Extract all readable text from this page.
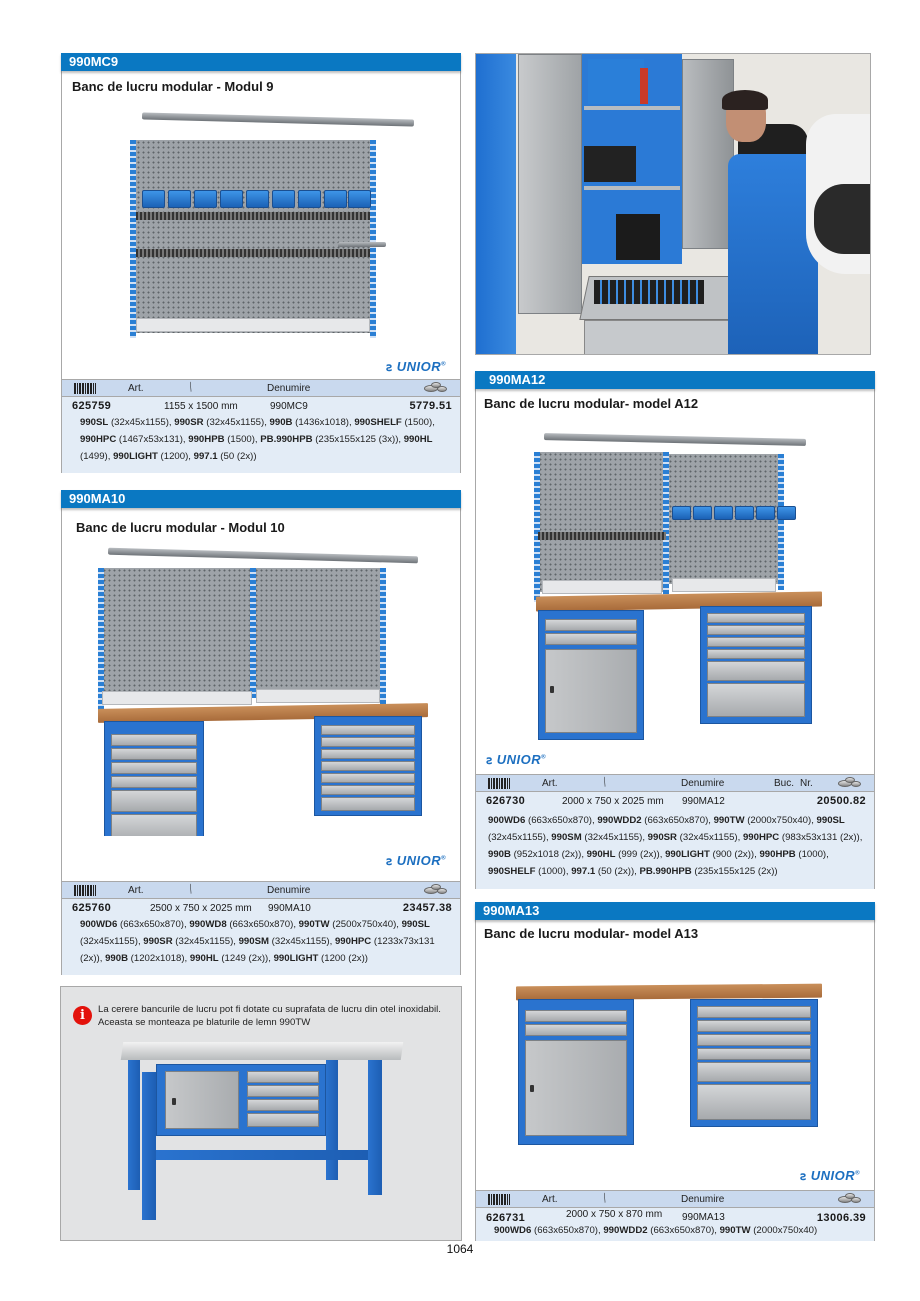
990MC9
Banc de lucru modular - Modul 9
ꙅ UNIOR®
Art.	⟋	Denumire
625759	1155 x 1500 mm	990MC9	5779.51
990SL (32x45x1155), 990SR (32x45x1155), 990B (1436x1018), 990SHELF (1500), 990HPC (1467x53x131), 990HPB (1500), PB.990HPB (235x155x125 (3x)), 990HL (1499), 990LIGHT (1200), 997.1 (50 (2x))
990MA10
Banc de lucru modular - Modul 10
ꙅ UNIOR®
Art.	⟋	Denumire
625760	2500 x 750 x 2025 mm 990MA10	23457.38
900WD6 (663x650x870), 990WD8 (663x650x870), 990TW (2500x750x40), 990SL (32x45x1155), 990SR (32x45x1155), 990SM (32x45x1155), 990HPC (1233x73x131 (2x)), 990B (1202x1018), 990HL (1249 (2x)), 990LIGHT (1200 (2x))
i	La cerere bancurile de lucru pot fi dotate cu suprafata de lucru din otel inoxidabil.
Aceasta se monteaza pe blaturile de lemn 990TW
990MA12
Banc de lucru modular- model A12
ꙅ UNIOR®
Art.	⟋	Denumire	Buc. Nr.
626730	2000 x 750 x 2025 mm 990MA12	20500.82
900WD6 (663x650x870), 990WDD2 (663x650x870), 990TW (2000x750x40), 990SL (32x45x1155), 990SM (32x45x1155), 990SR (32x45x1155), 990HPC (983x53x131 (2x)), 990B (952x1018 (2x)), 990HL (999 (2x)), 990LIGHT (900 (2x)), 990HPB (1000), 990SHELF (1000), 997.1 (50 (2x)), PB.990HPB (235x155x125 (2x))
990MA13
Banc de lucru modular- model A13
ꙅ UNIOR®
Art.	⟋	Denumire
626731	2000 x 750 x 870 mm 990MA13	13006.39
900WD6 (663x650x870), 990WDD2 (663x650x870), 990TW (2000x750x40)
1064
